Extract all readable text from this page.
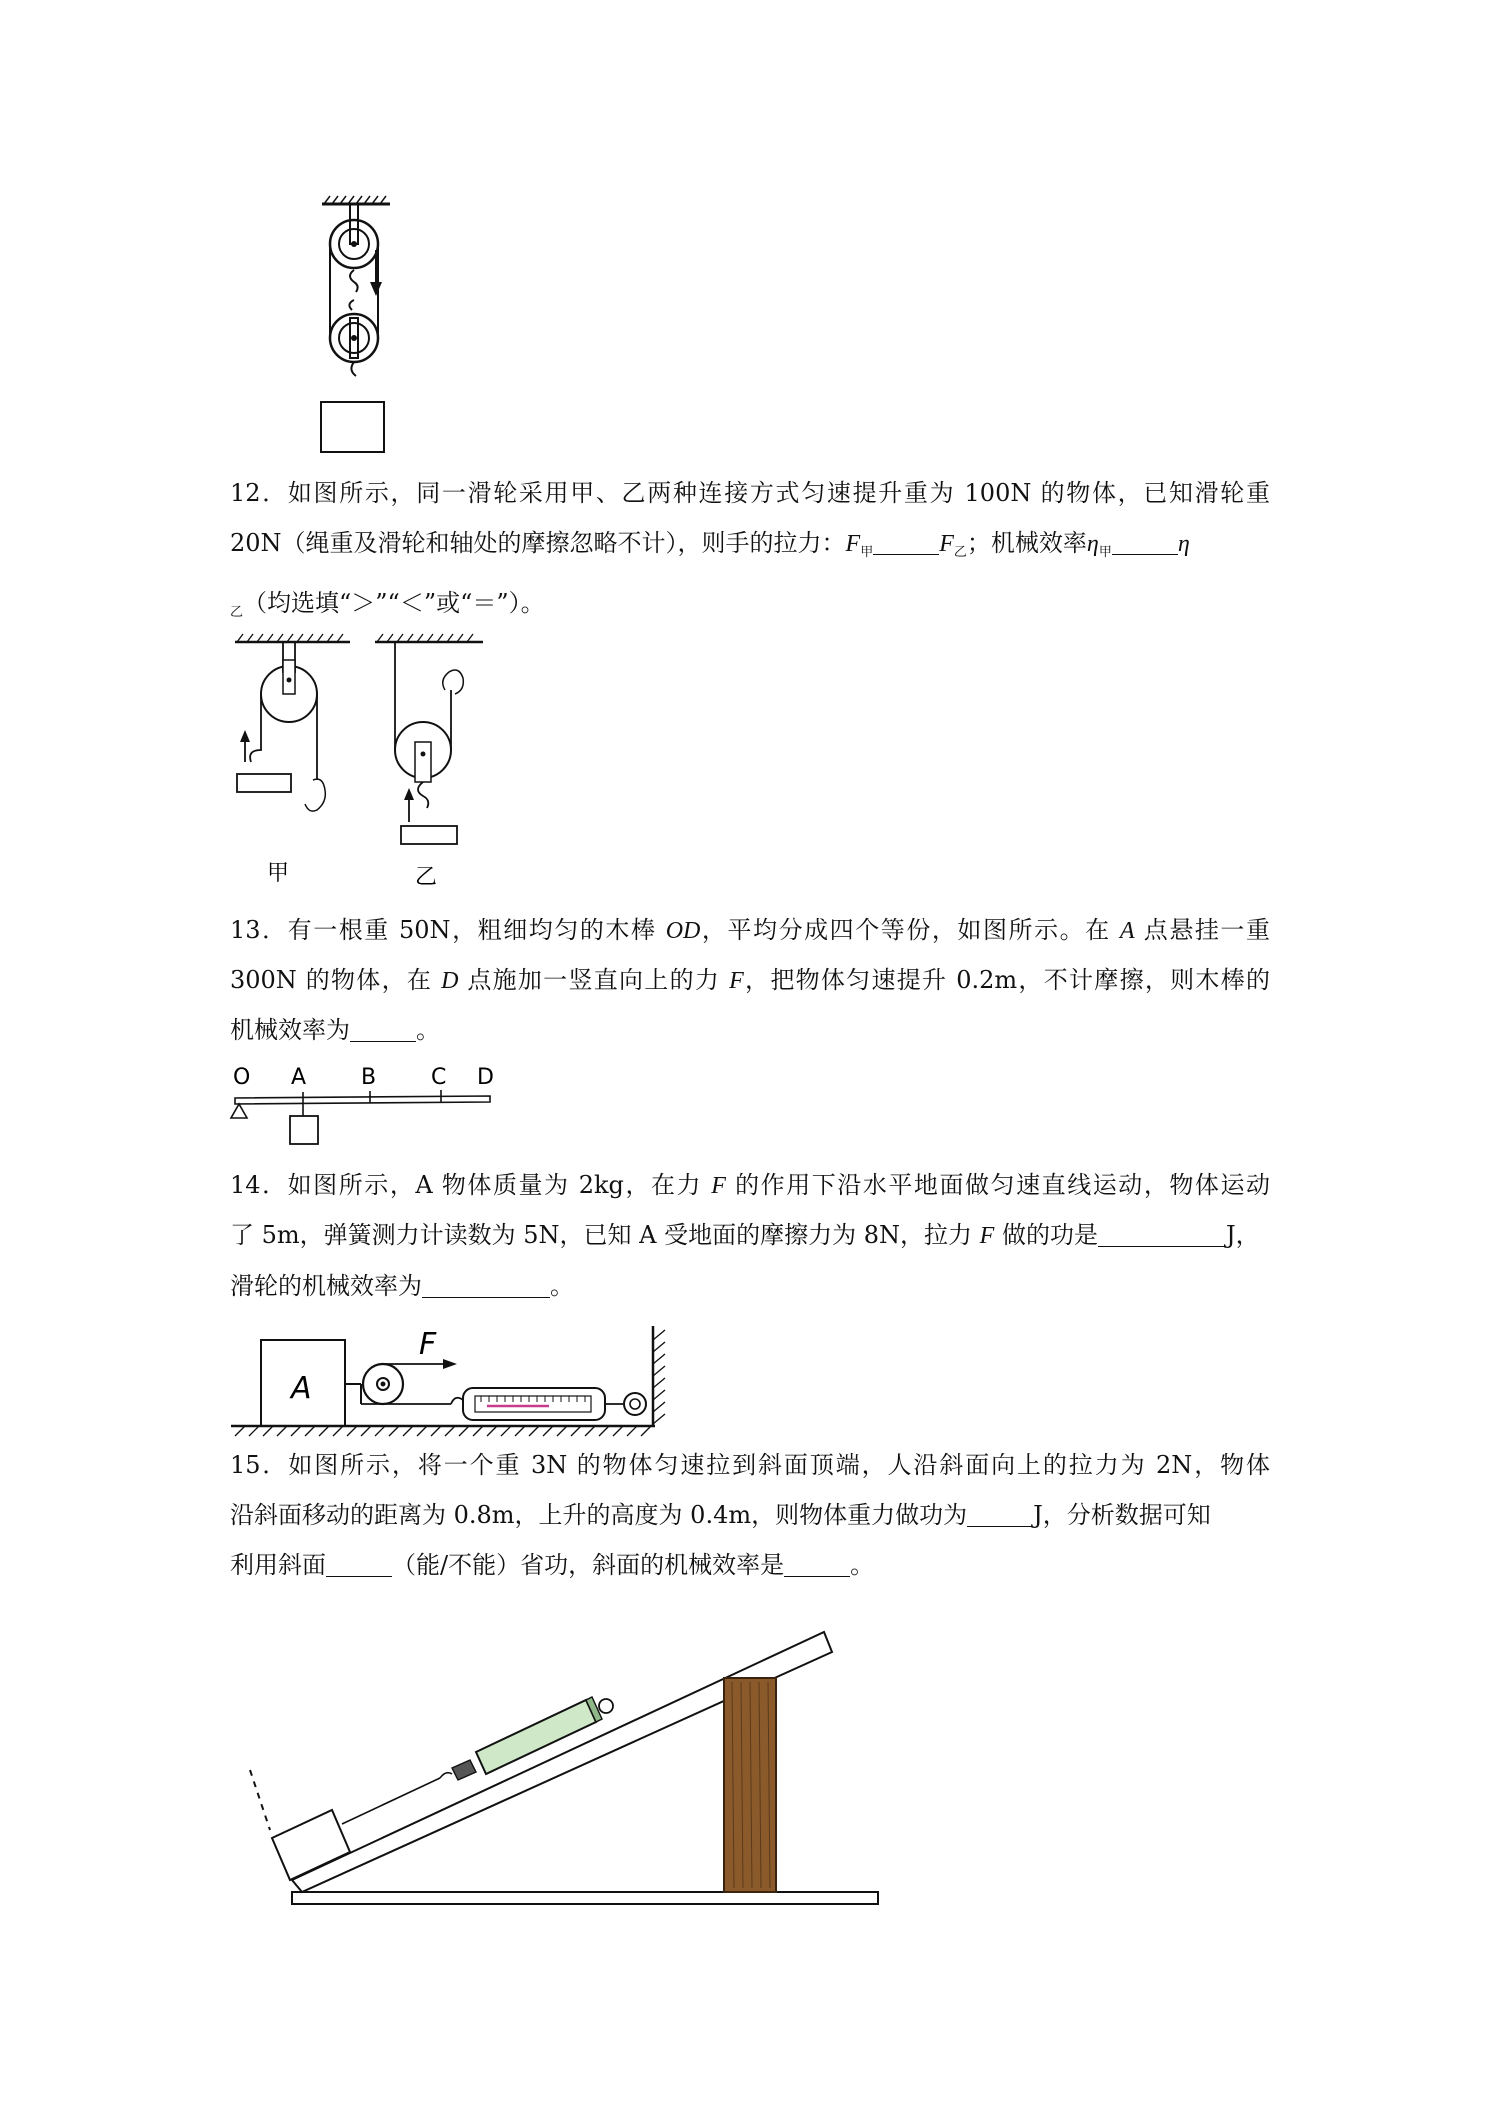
12．如图所示，同一滑轮采用甲、乙两种连接方式匀速提升重为 100N 的物体，已知滑轮重
20N（绳重及滑轮和轴处的摩擦忽略不计），则手的拉力：$F_甲$	$F_乙$；机械效率$\eta_甲$	η
$_乙$（均选填“＞”“＜”或“＝”）。
甲	乙
13．有一根重 50N，粗细均匀的木棒 OD，平均分成四个等份，如图所示。在 A 点悬挂一重
300N 的物体，在 D 点施加一竖直向上的力 F，把物体匀速提升 0.2m，不计摩擦，则木棒的
机械效率为	。
O A B C D
14．如图所示，A 物体质量为 2kg，在力 F 的作用下沿水平地面做匀速直线运动，物体运动
了 5m，弹簧测力计读数为 5N，已知 A 受地面的摩擦力为 8N，拉力 F 做的功是	J，
滑轮的机械效率为	。
A
F
15．如图所示，将一个重 3N 的物体匀速拉到斜面顶端，人沿斜面向上的拉力为 2N，物体
沿斜面移动的距离为 0.8m，上升的高度为 0.4m，则物体重力做功为	J，分析数据可知
利用斜面	（能/不能）省功，斜面的机械效率是	。
